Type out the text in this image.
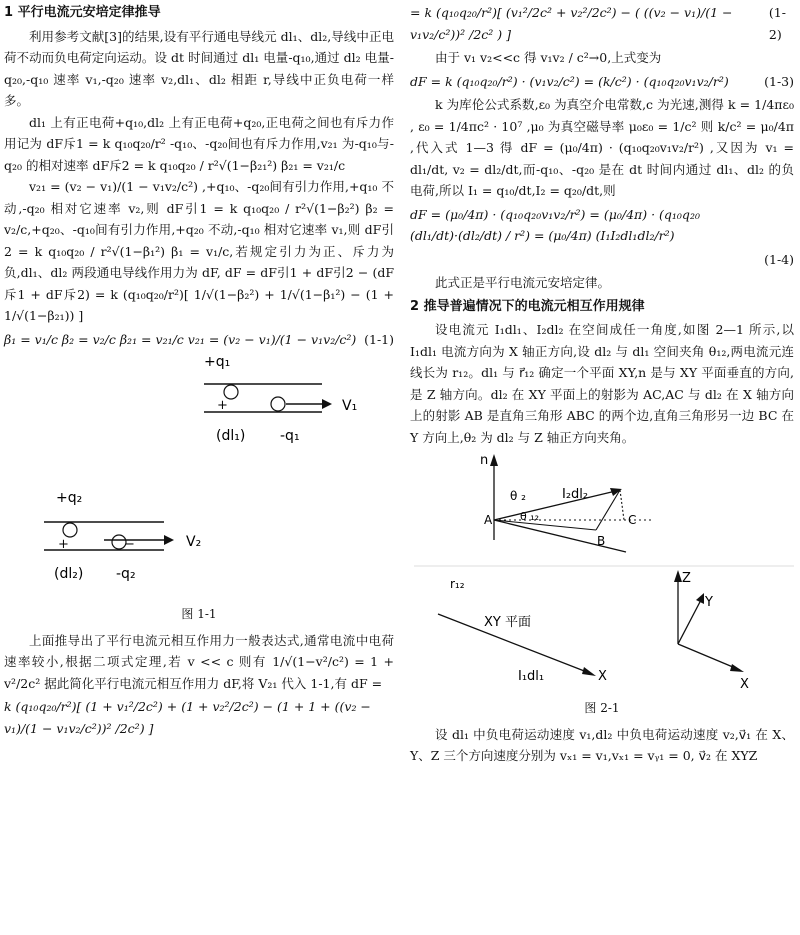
1 平行电流元安培定律推导

利用参考文献[3]的结果,设有平行通电导线元 dl₁、dl₂,导线中正电荷不动而负电荷定向运动。设 dt 时间通过 dl₁ 电量-q₁₀,通过 dl₂ 电量-q₂₀,-q₁₀ 速率 v₁,-q₂₀ 速率 v₂,dl₁、dl₂ 相距 r,导线中正负电荷一样多。

dl₁ 上有正电荷+q₁₀,dl₂ 上有正电荷+q₂₀,正电荷之间也有斥力作用记为 dF斥1 = k q₁₀q₂₀/r² -q₁₀、-q₂₀间也有斥力作用,v₂₁ 为-q₁₀与-q₂₀ 的相对速率 dF斥2 = k q₁₀q₂₀ / r²√(1−β₂₁²) β₂₁ = v₂₁/c

v₂₁ = (v₂ − v₁)/(1 − v₁v₂/c²) ,+q₁₀、-q₂₀间有引力作用,+q₁₀ 不动,-q₂₀ 相对它速率 v₂,则 dF引1 = k q₁₀q₂₀ / r²√(1−β₂²) β₂ = v₂/c,+q₂₀、-q₁₀间有引力作用,+q₂₀ 不动,-q₁₀ 相对它速率 v₁,则 dF引2 = k q₁₀q₂₀ / r²√(1−β₁²) β₁ = v₁/c,若规定引力为正、斥力为负,dl₁、dl₂ 两段通电导线作用力为 dF, dF = dF引1 + dF引2 − (dF斥1 + dF斥2) = k (q₁₀q₂₀/r²)[ 1/√(1−β₂²) + 1/√(1−β₁²) − (1 + 1/√(1−β₂₁)) ]

β₁ = v₁/c β₂ = v₂/c β₂₁ = v₂₁/c v₂₁ = (v₂ − v₁)/(1 − v₁v₂/c²) (1-1)
+q₁
+	V₁
(dl₁) -q₁
+q₂
+	−	V₂
(dl₂) -q₂
图 1-1

上面推导出了平行电流元相互作用力一般表达式,通常电流中电荷速率较小,根据二项式定理,若 v << c 则有 1/√(1−v²/c²) = 1 + v²/2c² 据此简化平行电流元相互作用力 dF,将 V₂₁ 代入 1-1,有 dF =

k (q₁₀q₂₀/r²)[ (1 + v₁²/2c²) + (1 + v₂²/2c²) − (1 + 1 + ((v₂ − v₁)/(1 − v₁v₂/c²))² /2c²) ]
= k (q₁₀q₂₀/r²)[ (v₁²/2c² + v₂²/2c²) − ( ((v₂ − v₁)/(1 − v₁v₂/c²))² /2c² ) ]
(1-2)

由于 v₁ v₂<<c 得 v₁v₂ / c²→0,上式变为

dF = k (q₁₀q₂₀/r²) · (v₁v₂/c²) = (k/c²) · (q₁₀q₂₀v₁v₂/r²)	(1-3)

k 为库伦公式系数,ε₀ 为真空介电常数,c 为光速,测得 k = 1/4πε₀ , ε₀ = 1/4πc² · 10⁷ ,μ₀ 为真空磁导率 μ₀ε₀ = 1/c² 则 k/c² = μ₀/4π ,代入式 1—3 得 dF = (μ₀/4π) · (q₁₀q₂₀v₁v₂/r²) ,又因为 v₁ = dl₁/dt, v₂ = dl₂/dt,而-q₁₀、-q₂₀ 是在 dt 时间内通过 dl₁、dl₂ 的负电荷,所以 I₁ = q₁₀/dt,I₂ = q₂₀/dt,则

dF = (μ₀/4π) · (q₁₀q₂₀v₁v₂/r²) = (μ₀/4π) · (q₁₀q₂₀ (dl₁/dt)·(dl₂/dt) / r²) = (μ₀/4π) (I₁I₂dl₁dl₂/r²)
(1-4)

此式正是平行电流元安培定律。

2 推导普遍情况下的电流元相互作用规律

设电流元 I₁dl₁、I₂dl₂ 在空间成任一角度,如图 2—1 所示,以 I₁dl₁ 电流方向为 X 轴正方向,设 dl₂ 与 dl₁ 空间夹角 θ₁₂,两电流元连线长为 r₁₂。dl₁ 与 r⃗₁₂ 确定一个平面 XY,n 是与 XY 平面垂直的方向,是 Z 轴方向。dl₂ 在 XY 平面上的射影为 AC,AC 与 dl₂ 在 X 轴方向上的射影 AB 是直角三角形 ABC 的两个边,直角三角形另一边 BC 在 Y 方向上,θ₂ 为 dl₂ 与 Z 轴正方向夹角。

n
θ ₂	I₂dl₂
A	θ ₁₂	C
B
r₁₂
XY 平面
I₁dl₁	X
Z
Y
X
图 2-1

设 dl₁ 中负电荷运动速度 v₁,dl₂ 中负电荷运动速度 v₂,v⃗₁ 在 X、Y、Z 三个方向速度分别为 vₓ₁ = v₁,vₓ₁ = vᵧ₁ = 0, v⃗₂ 在 XYZ
